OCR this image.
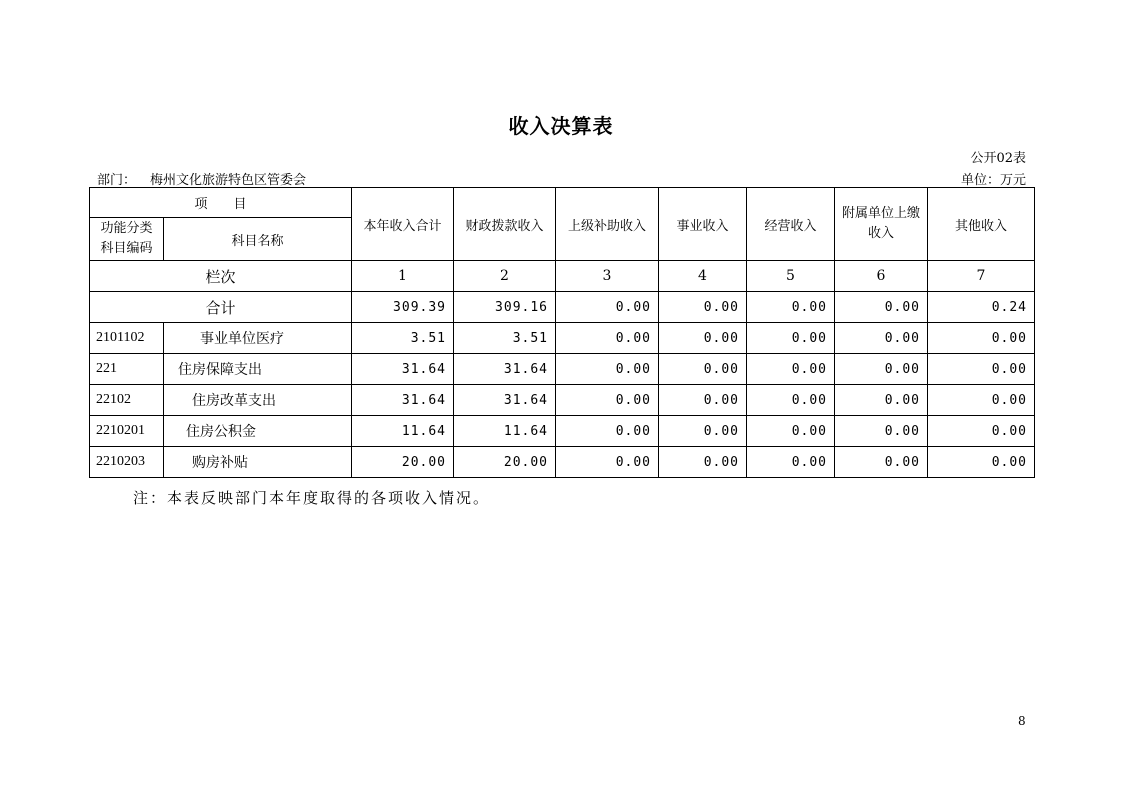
收入决算表
公开02表
部门： 梅州文化旅游特色区管委会	单位：万元
项　　目		本年收入合计	财政拨款收入	上级补助收入	事业收入	经营收入	附属单位上缴收入	其他收入
功能分类科目编码	科目名称							
栏次		1	2	3	4	5	6	7
合计		309.39	309.16	0.00	0.00	0.00	0.00	0.24
2101102	事业单位医疗	3.51	3.51	0.00	0.00	0.00	0.00	0.00
221	住房保障支出	31.64	31.64	0.00	0.00	0.00	0.00	0.00
22102	住房改革支出	31.64	31.64	0.00	0.00	0.00	0.00	0.00
2210201	住房公积金	11.64	11.64	0.00	0.00	0.00	0.00	0.00
2210203	购房补贴	20.00	20.00	0.00	0.00	0.00	0.00	0.00
注：本表反映部门本年度取得的各项收入情况。
8
